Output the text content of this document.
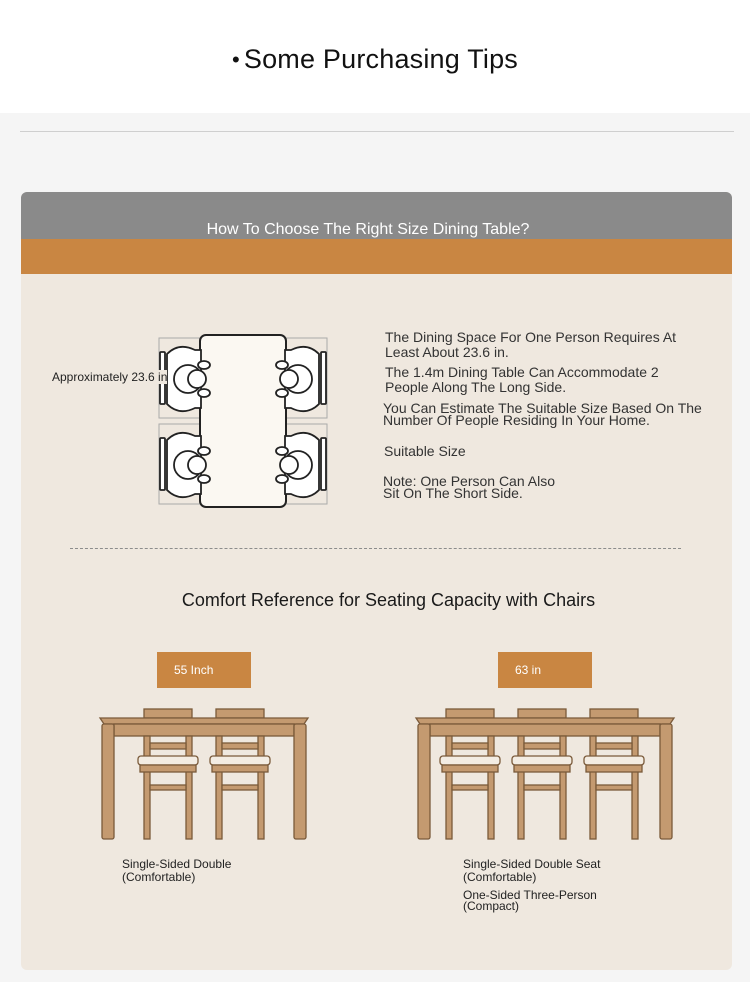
• Some Purchasing Tips
How To Choose The Right Size Dining Table?
Approximately 23.6 in
The Dining Space For One Person Requires At Least About 23.6 in.
The 1.4m Dining Table Can Accommodate 2 People Along The Long Side.
You Can Estimate The Suitable Size Based On The Number Of People Residing In Your Home.
Suitable Size
Note: One Person Can Also Sit On The Short Side.
Comfort Reference for Seating Capacity with Chairs
55 Inch	63 in
Single-Sided Double (Comfortable)
Single-Sided Double Seat (Comfortable)
One-Sided Three-Person (Compact)
